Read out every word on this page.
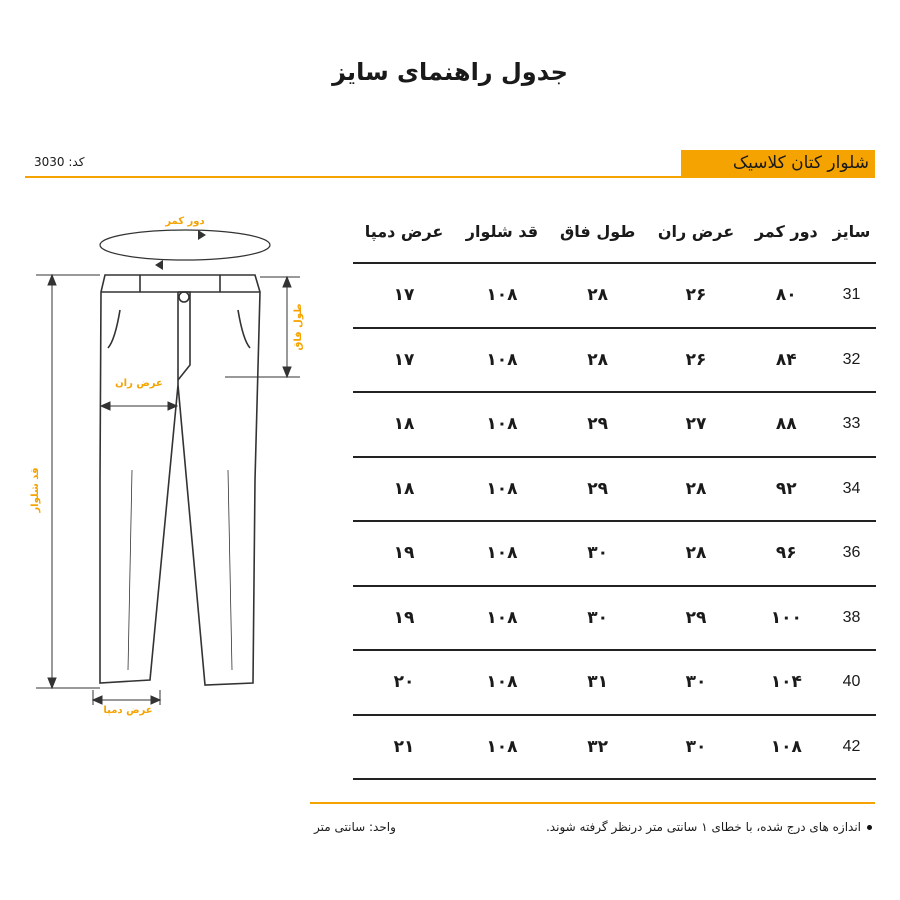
جدول راهنمای سایز
شلوار کتان کلاسیک
کد: 3030
دور کمر
قد شلوار
طول فاق
عرض ران
عرض دمپا
سایز	دور کمر	عرض ران	طول فاق	قد شلوار	عرض دمپا
31	۸۰	۲۶	۲۸	۱۰۸	۱۷
32	۸۴	۲۶	۲۸	۱۰۸	۱۷
33	۸۸	۲۷	۲۹	۱۰۸	۱۸
34	۹۲	۲۸	۲۹	۱۰۸	۱۸
36	۹۶	۲۸	۳۰	۱۰۸	۱۹
38	۱۰۰	۲۹	۳۰	۱۰۸	۱۹
40	۱۰۴	۳۰	۳۱	۱۰۸	۲۰
42	۱۰۸	۳۰	۳۲	۱۰۸	۲۱
اندازه های درج شده، با خطای ۱ سانتی متر درنظر گرفته شوند.
واحد: سانتی متر
